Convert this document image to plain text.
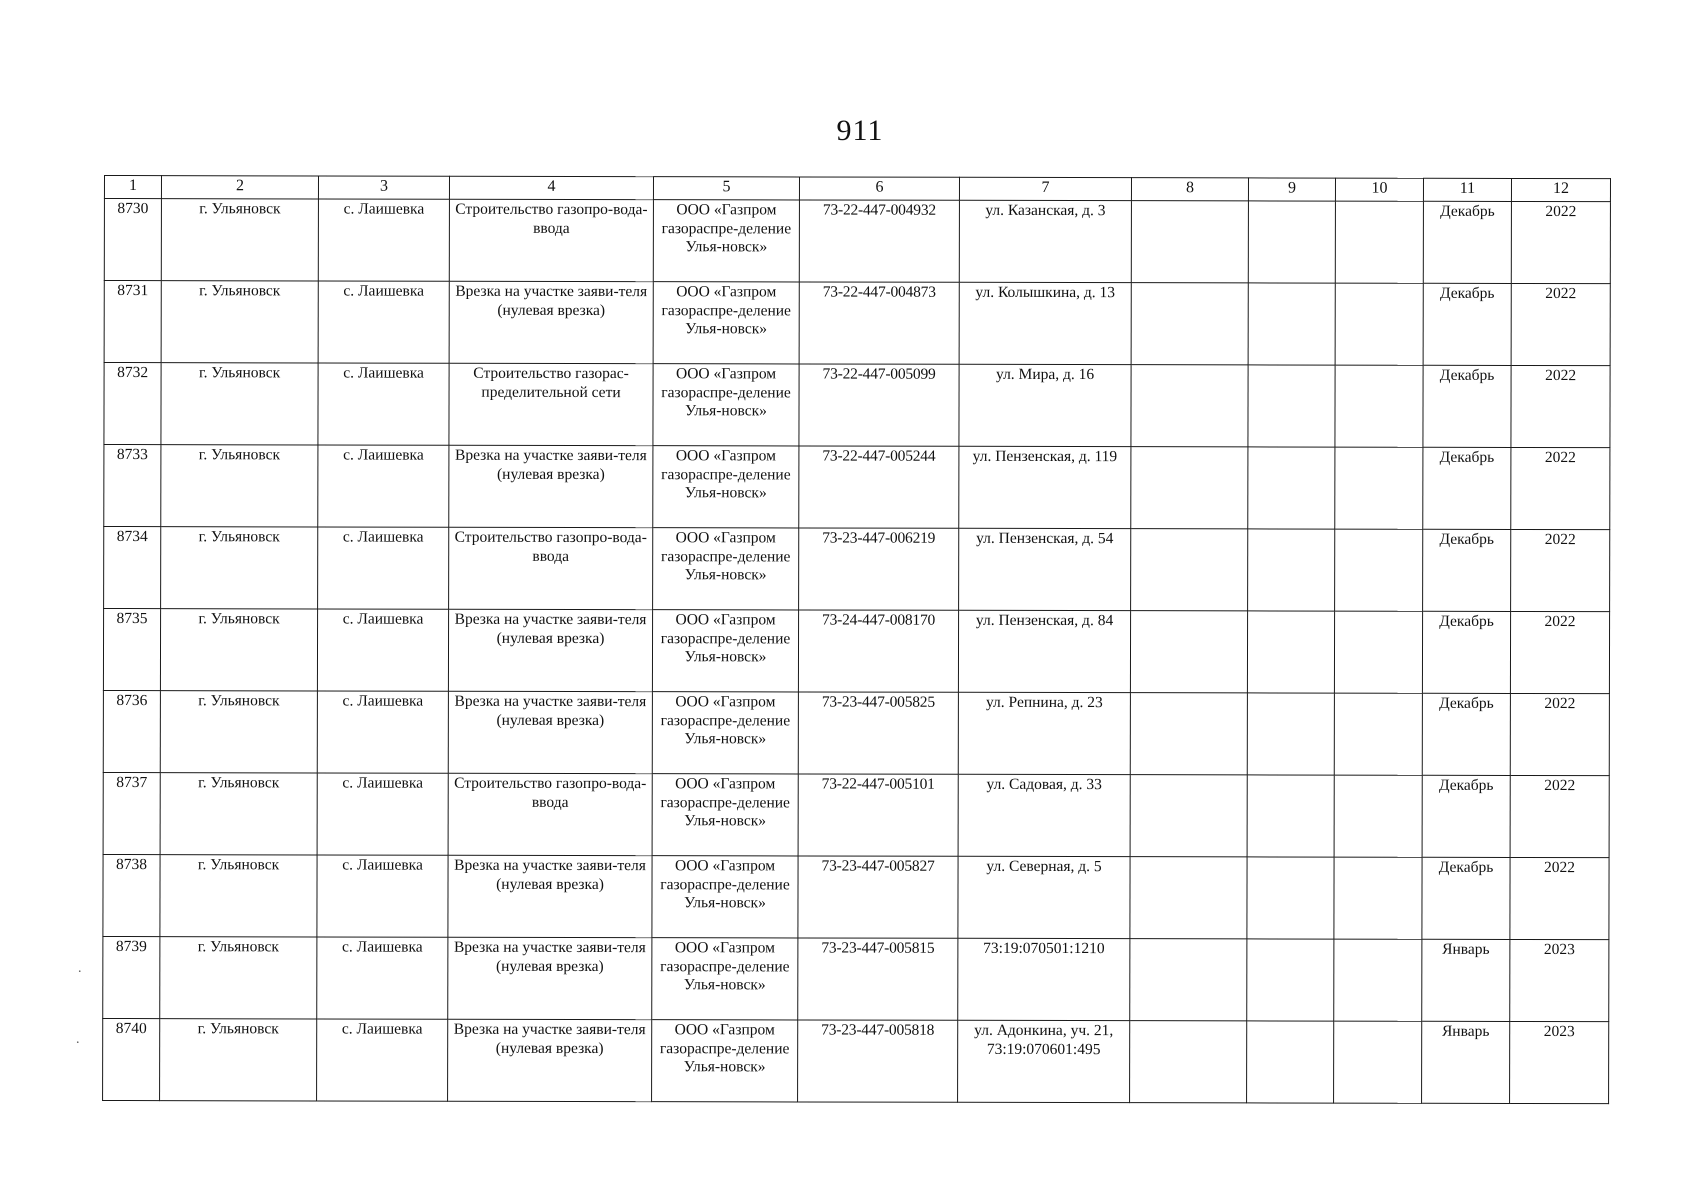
911
1	2	3	4	5	6	7	8	9	10	11	12
8730	г. Ульяновск	с. Лаишевка	Строительство газопро-вода-ввода	ООО «Газпром газораспре-деление Улья-новск»	73-22-447-004932	ул. Казанская, д. 3				Декабрь	2022
8731	г. Ульяновск	с. Лаишевка	Врезка на участке заяви-теля (нулевая врезка)	ООО «Газпром газораспре-деление Улья-новск»	73-22-447-004873	ул. Колышкина, д. 13				Декабрь	2022
8732	г. Ульяновск	с. Лаишевка	Строительство газорас-пределительной сети	ООО «Газпром газораспре-деление Улья-новск»	73-22-447-005099	ул. Мира, д. 16				Декабрь	2022
8733	г. Ульяновск	с. Лаишевка	Врезка на участке заяви-теля (нулевая врезка)	ООО «Газпром газораспре-деление Улья-новск»	73-22-447-005244	ул. Пензенская, д. 119				Декабрь	2022
8734	г. Ульяновск	с. Лаишевка	Строительство газопро-вода-ввода	ООО «Газпром газораспре-деление Улья-новск»	73-23-447-006219	ул. Пензенская, д. 54				Декабрь	2022
8735	г. Ульяновск	с. Лаишевка	Врезка на участке заяви-теля (нулевая врезка)	ООО «Газпром газораспре-деление Улья-новск»	73-24-447-008170	ул. Пензенская, д. 84				Декабрь	2022
8736	г. Ульяновск	с. Лаишевка	Врезка на участке заяви-теля (нулевая врезка)	ООО «Газпром газораспре-деление Улья-новск»	73-23-447-005825	ул. Репнина, д. 23				Декабрь	2022
8737	г. Ульяновск	с. Лаишевка	Строительство газопро-вода-ввода	ООО «Газпром газораспре-деление Улья-новск»	73-22-447-005101	ул. Садовая, д. 33				Декабрь	2022
8738	г. Ульяновск	с. Лаишевка	Врезка на участке заяви-теля (нулевая врезка)	ООО «Газпром газораспре-деление Улья-новск»	73-23-447-005827	ул. Северная, д. 5				Декабрь	2022
8739	г. Ульяновск	с. Лаишевка	Врезка на участке заяви-теля (нулевая врезка)	ООО «Газпром газораспре-деление Улья-новск»	73-23-447-005815	73:19:070501:1210				Январь	2023
8740	г. Ульяновск	с. Лаишевка	Врезка на участке заяви-теля (нулевая врезка)	ООО «Газпром газораспре-деление Улья-новск»	73-23-447-005818	ул. Адонкина, уч. 21, 73:19:070601:495				Январь	2023
.
.
